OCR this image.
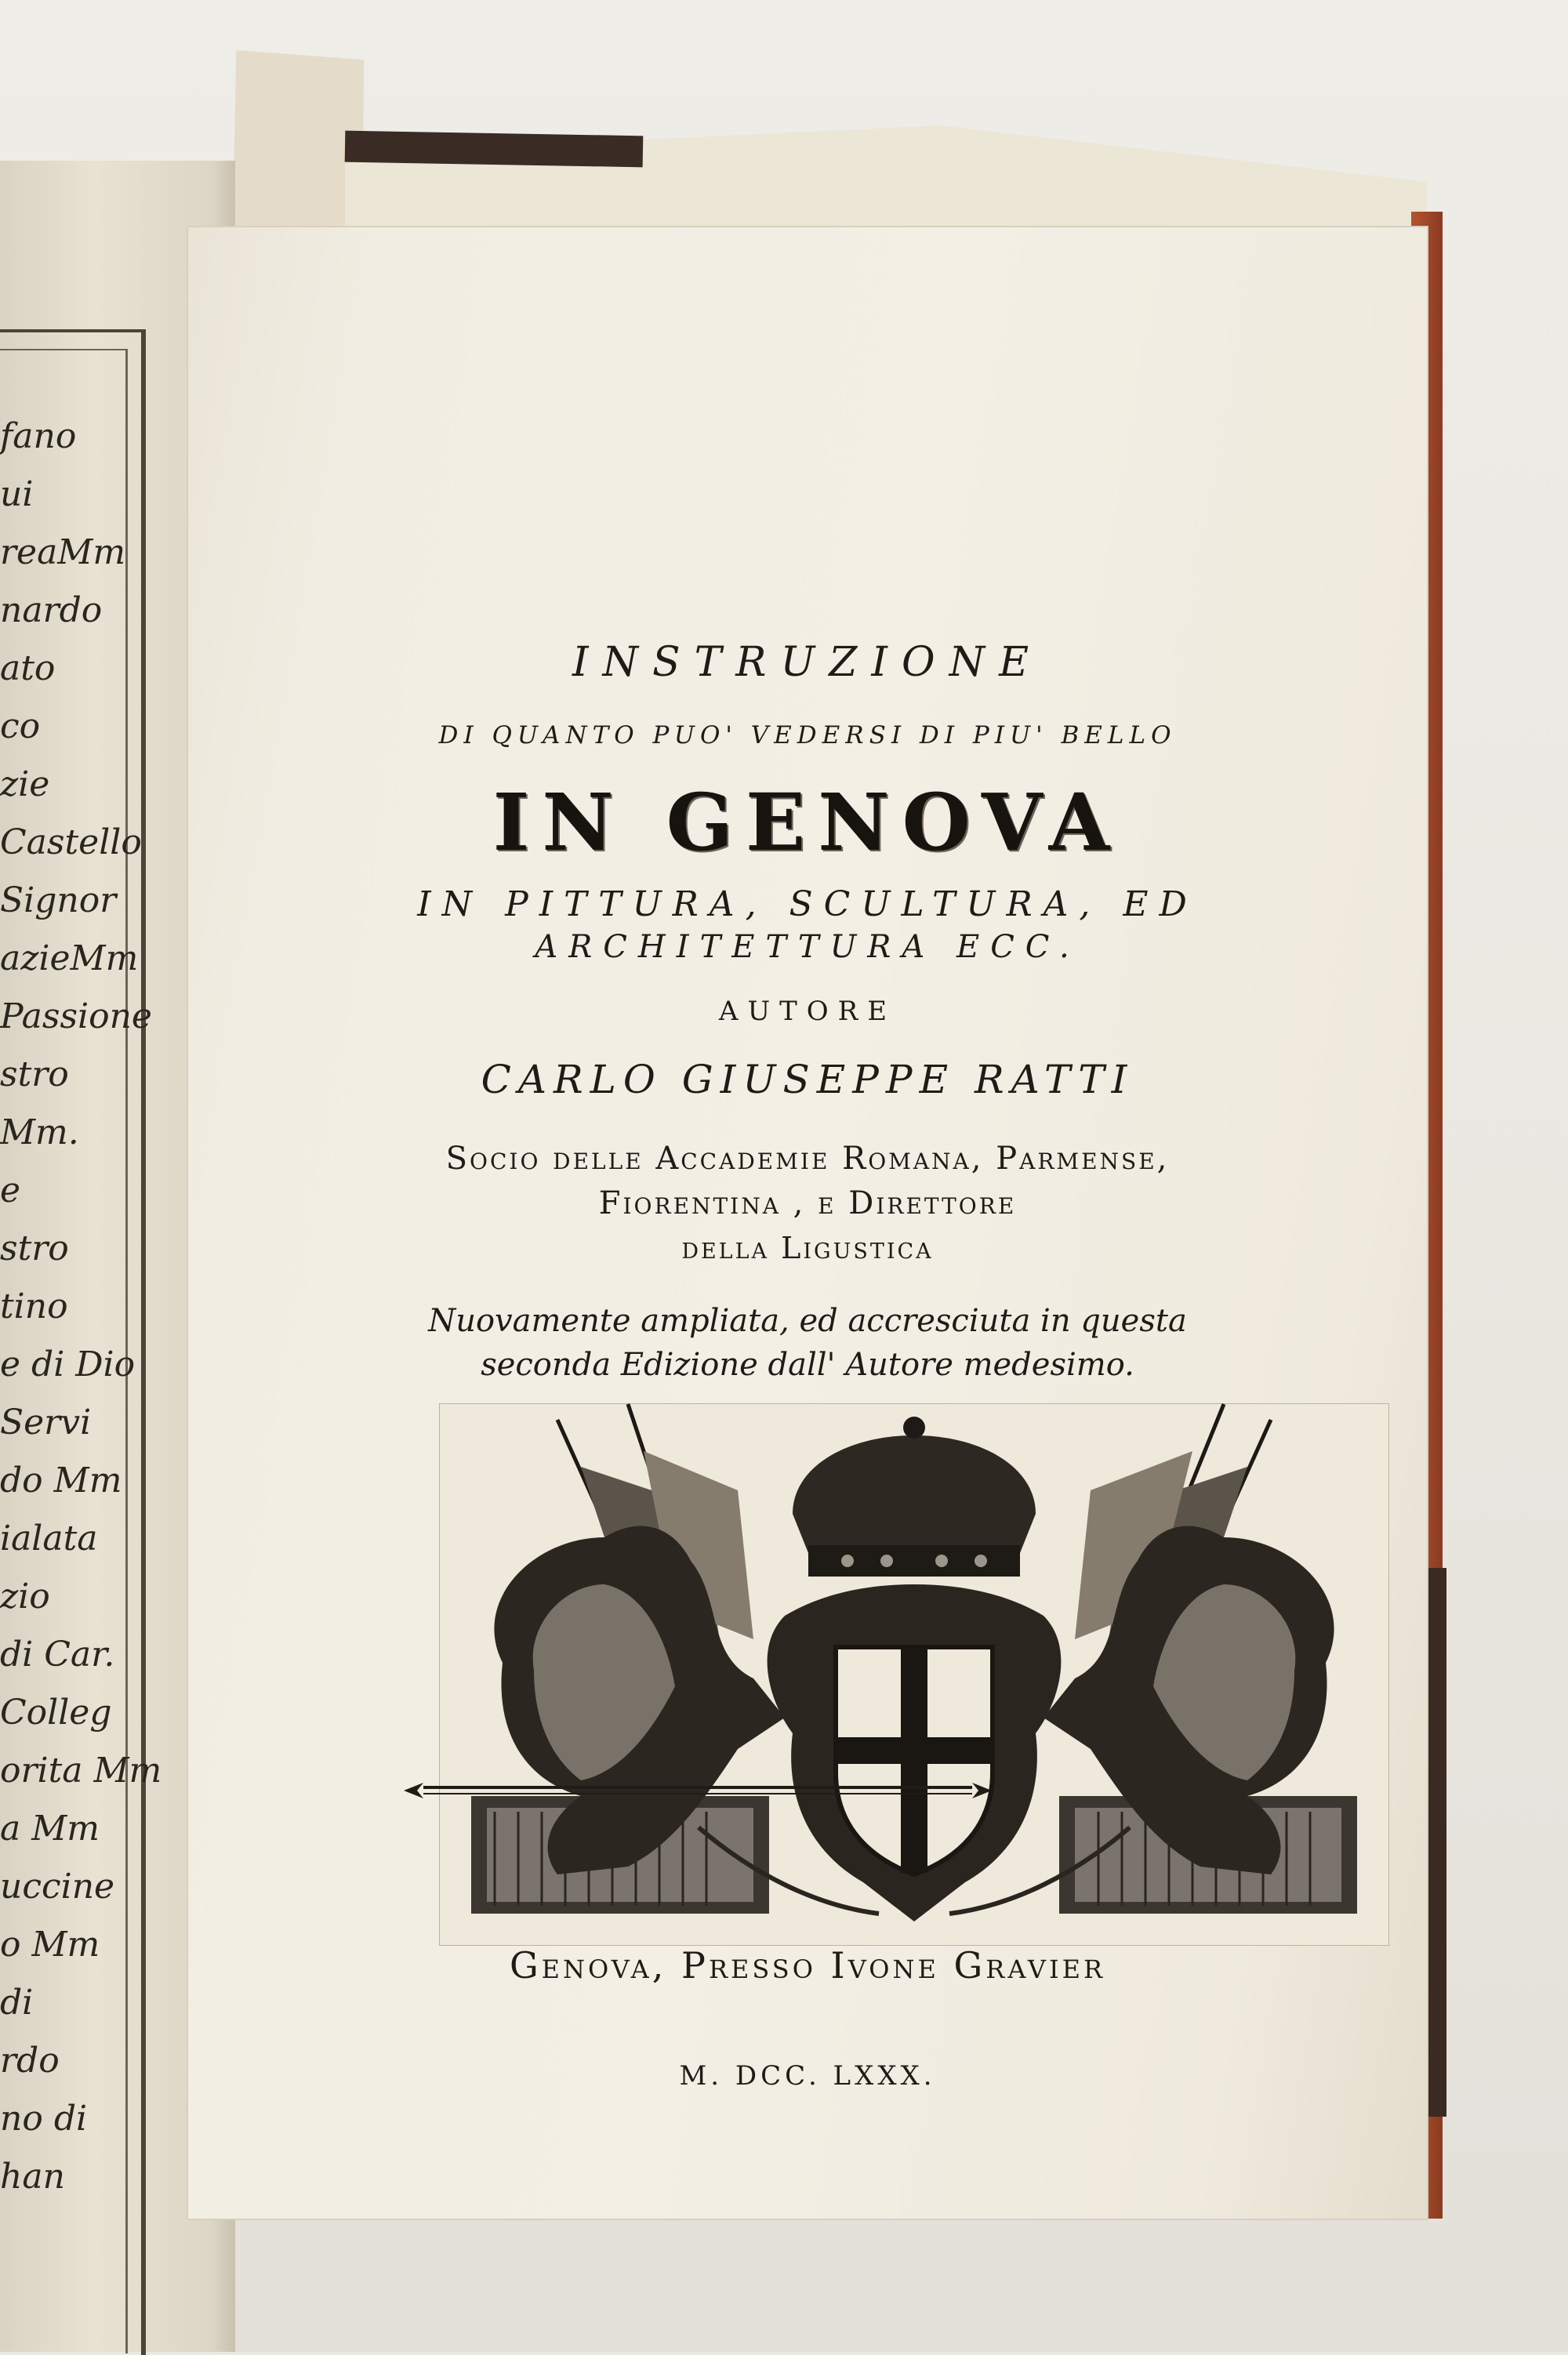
fano
ui
reaMm
nardo
ato
co
zie
Castello
Signor
azieMm
Passione
stro
Mm.
e
stro
tino
e di Dio
Servi
do Mm
ialata
zio
di Car.
Colleg
orita Mm
a Mm
uccine
o Mm
di
rdo
no di
han
INSTRUZIONE
DI QUANTO PUO' VEDERSI DI PIU' BELLO
IN GENOVA
IN PITTURA, SCULTURA, ED
ARCHITETTURA ECC.
AUTORE
CARLO GIUSEPPE RATTI
Socio delle Accademie Romana, Parmense,
Fiorentina , e Direttore
della Ligustica
Nuovamente ampliata, ed accresciuta in questa
seconda Edizione dall' Autore medesimo.
Genova, Presso Ivone Gravier
M. DCC. LXXX.
